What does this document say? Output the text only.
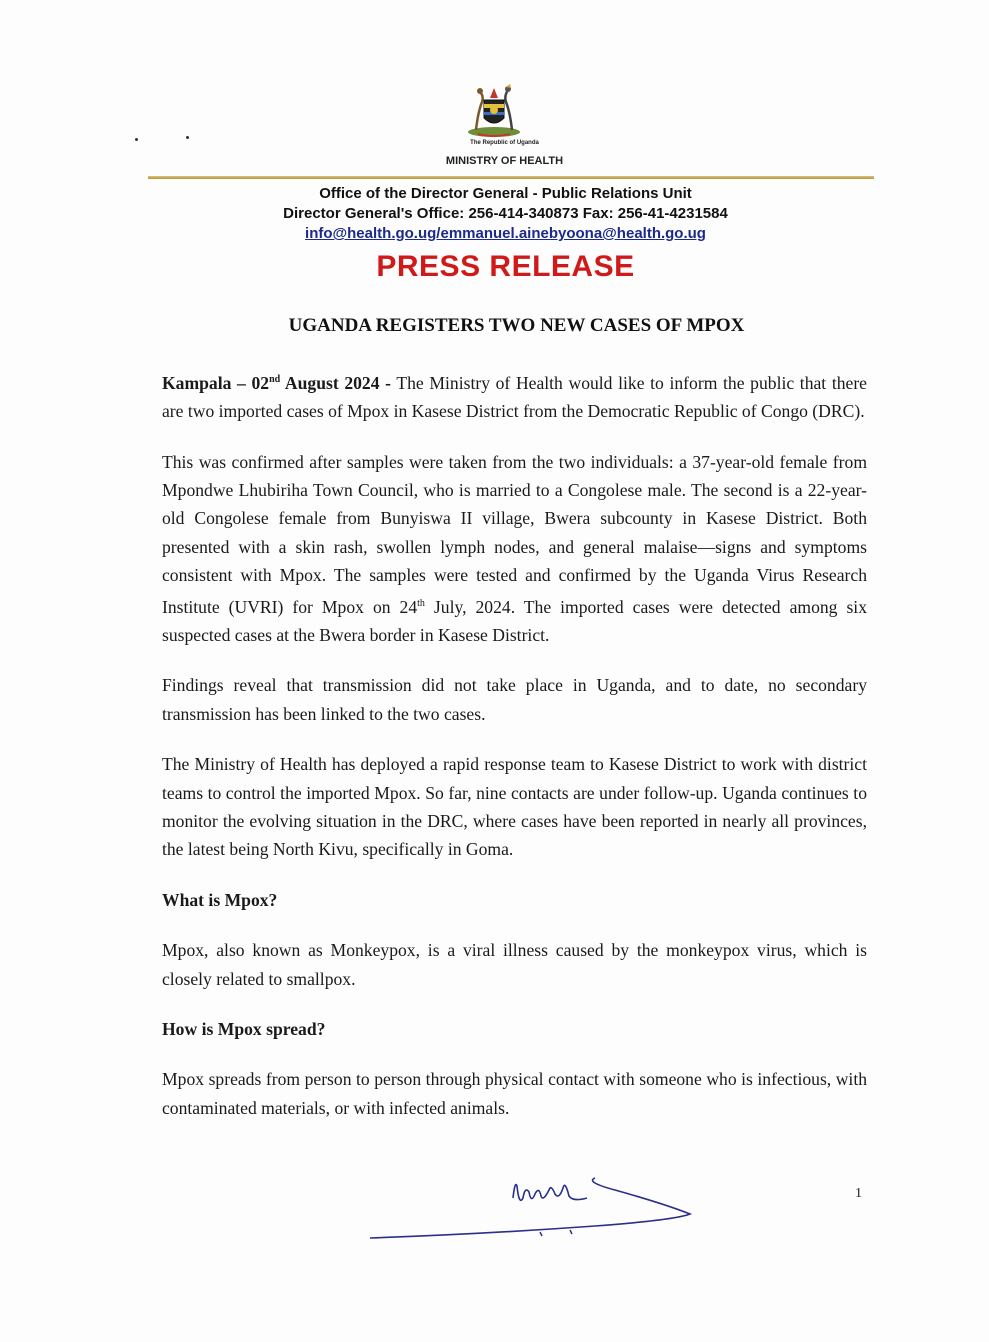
The Republic of Uganda
MINISTRY OF HEALTH
Office of the Director General - Public Relations Unit
Director General's Office: 256-414-340873 Fax: 256-41-4231584
info@health.go.ug/emmanuel.ainebyoona@health.go.ug
PRESS RELEASE
UGANDA REGISTERS TWO NEW CASES OF MPOX

Kampala – 02nd August 2024 - The Ministry of Health would like to inform the public that there are two imported cases of Mpox in Kasese District from the Democratic Republic of Congo (DRC).

This was confirmed after samples were taken from the two individuals: a 37-year-old female from Mpondwe Lhubiriha Town Council, who is married to a Congolese male. The second is a 22-year-old Congolese female from Bunyiswa II village, Bwera subcounty in Kasese District. Both presented with a skin rash, swollen lymph nodes, and general malaise—signs and symptoms consistent with Mpox. The samples were tested and confirmed by the Uganda Virus Research Institute (UVRI) for Mpox on 24th July, 2024. The imported cases were detected among six suspected cases at the Bwera border in Kasese District.

Findings reveal that transmission did not take place in Uganda, and to date, no secondary transmission has been linked to the two cases.

The Ministry of Health has deployed a rapid response team to Kasese District to work with district teams to control the imported Mpox. So far, nine contacts are under follow-up. Uganda continues to monitor the evolving situation in the DRC, where cases have been reported in nearly all provinces, the latest being North Kivu, specifically in Goma.

What is Mpox?

Mpox, also known as Monkeypox, is a viral illness caused by the monkeypox virus, which is closely related to smallpox.

How is Mpox spread?

Mpox spreads from person to person through physical contact with someone who is infectious, with contaminated materials, or with infected animals.

1
